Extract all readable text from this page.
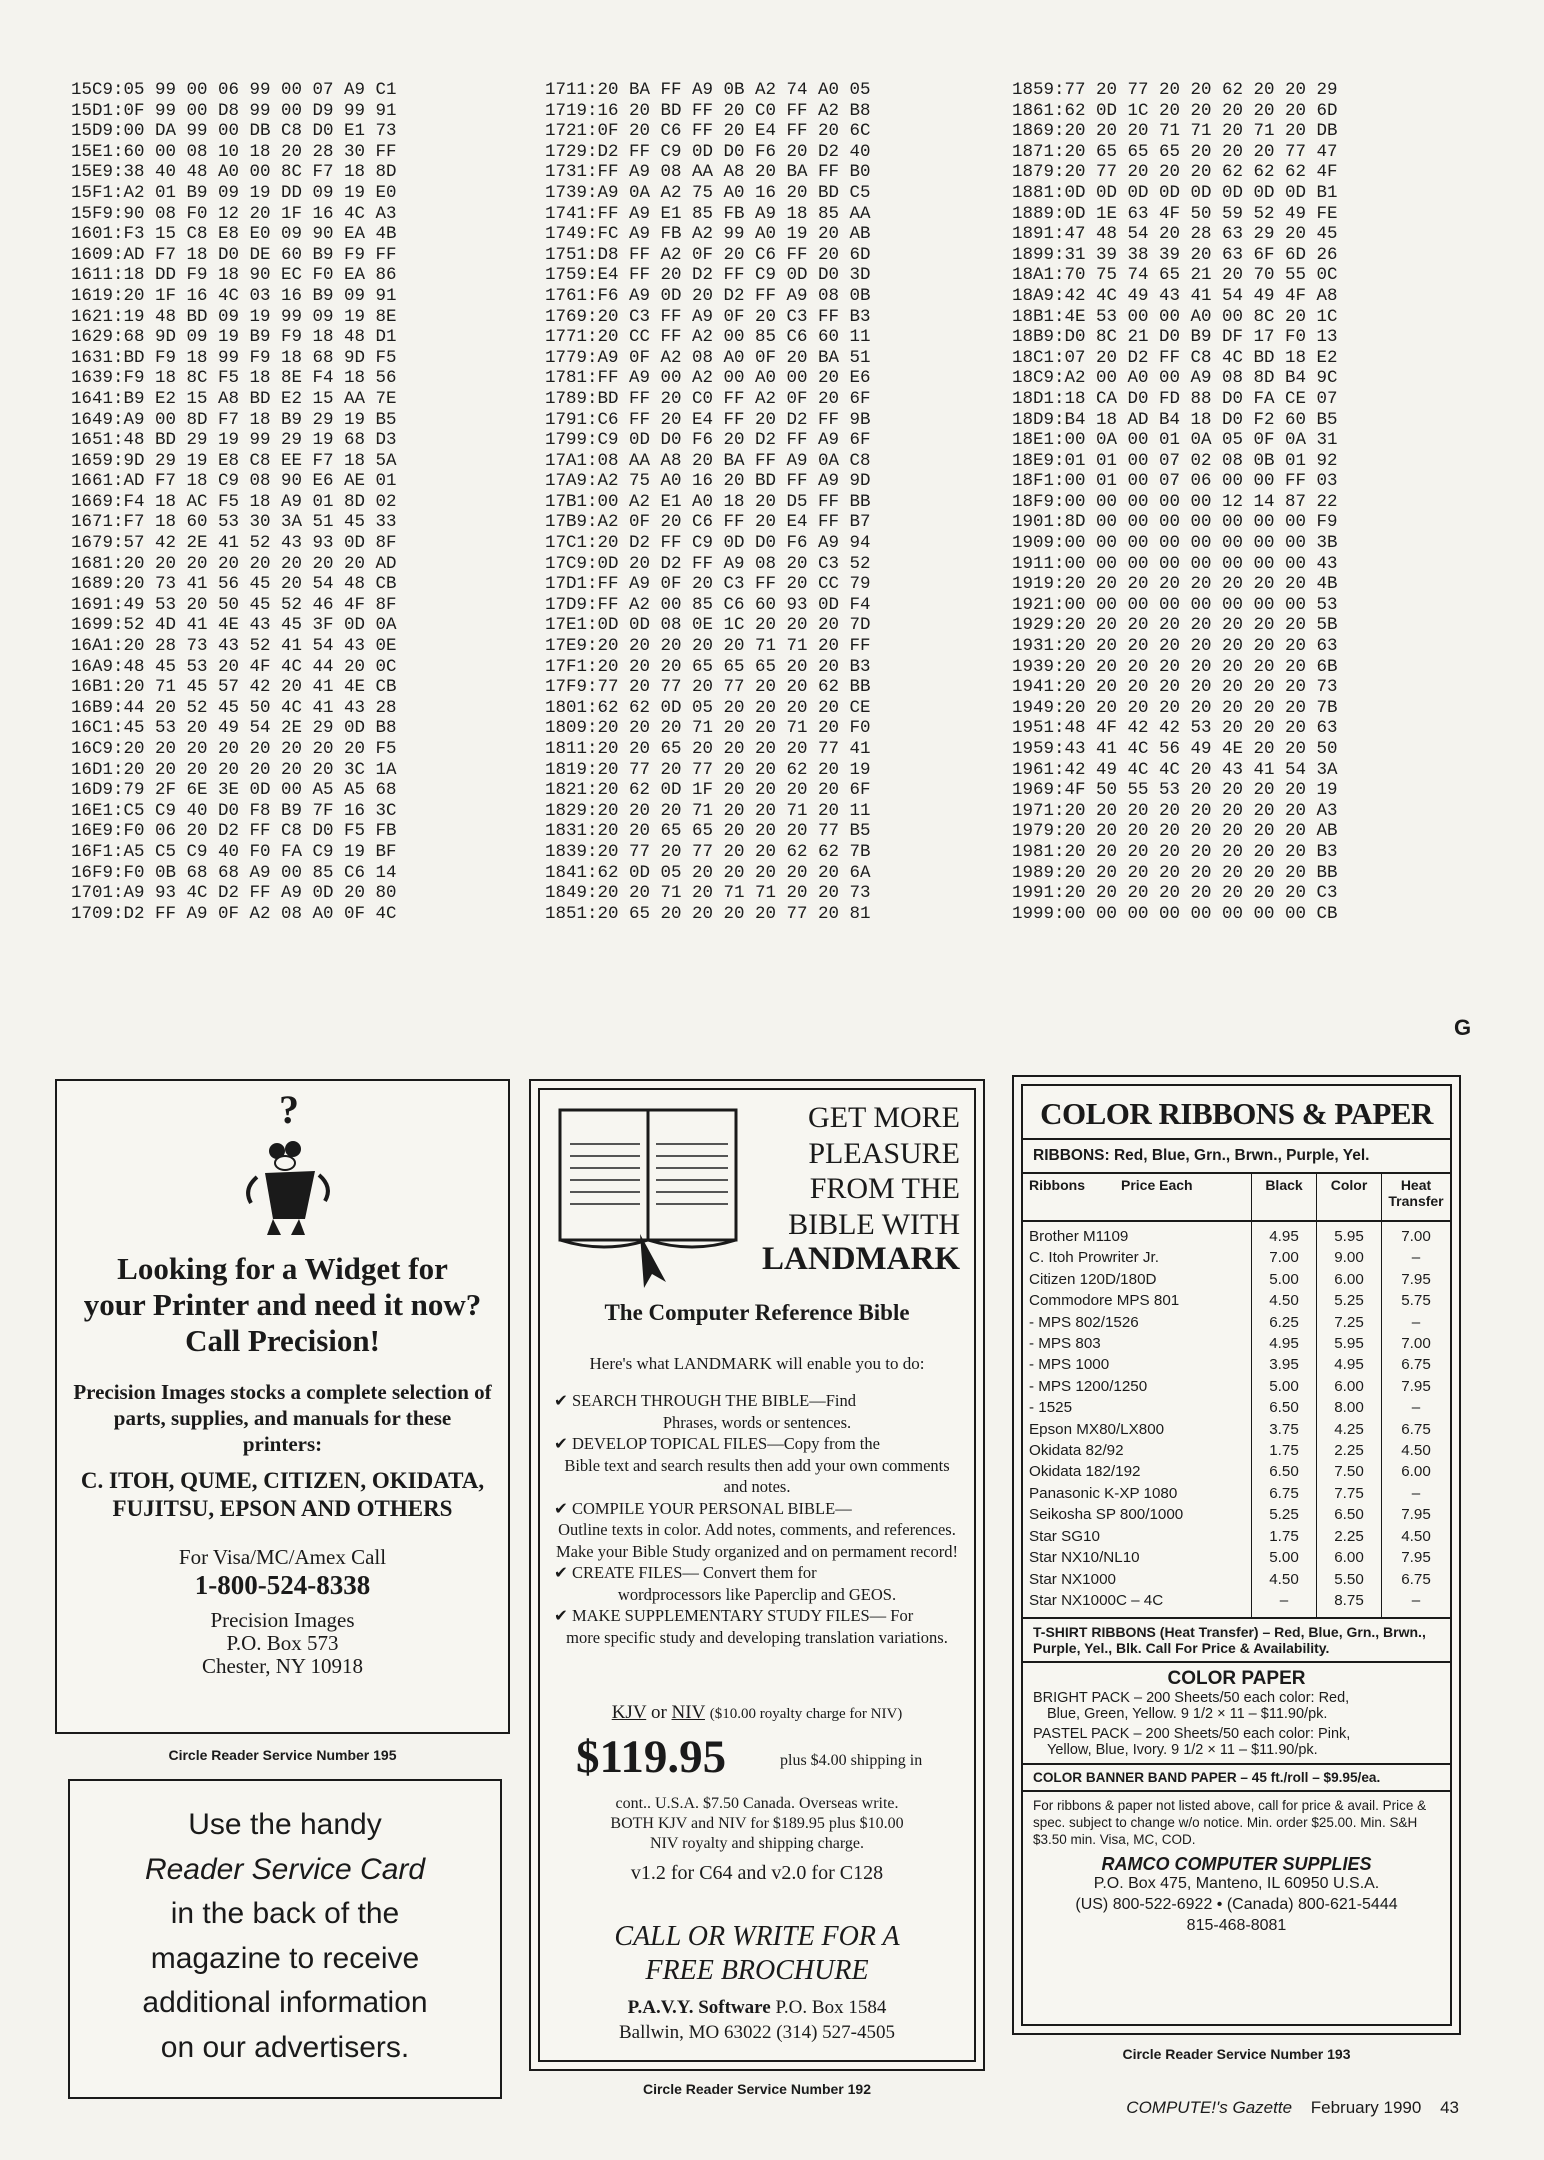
15C9:05 99 00 06 99 00 07 A9 C1
15D1:0F 99 00 D8 99 00 D9 99 91
15D9:00 DA 99 00 DB C8 D0 E1 73
15E1:60 00 08 10 18 20 28 30 FF
15E9:38 40 48 A0 00 8C F7 18 8D
15F1:A2 01 B9 09 19 DD 09 19 E0
15F9:90 08 F0 12 20 1F 16 4C A3
1601:F3 15 C8 E8 E0 09 90 EA 4B
1609:AD F7 18 D0 DE 60 B9 F9 FF
1611:18 DD F9 18 90 EC F0 EA 86
1619:20 1F 16 4C 03 16 B9 09 91
1621:19 48 BD 09 19 99 09 19 8E
1629:68 9D 09 19 B9 F9 18 48 D1
1631:BD F9 18 99 F9 18 68 9D F5
1639:F9 18 8C F5 18 8E F4 18 56
1641:B9 E2 15 A8 BD E2 15 AA 7E
1649:A9 00 8D F7 18 B9 29 19 B5
1651:48 BD 29 19 99 29 19 68 D3
1659:9D 29 19 E8 C8 EE F7 18 5A
1661:AD F7 18 C9 08 90 E6 AE 01
1669:F4 18 AC F5 18 A9 01 8D 02
1671:F7 18 60 53 30 3A 51 45 33
1679:57 42 2E 41 52 43 93 0D 8F
1681:20 20 20 20 20 20 20 20 AD
1689:20 73 41 56 45 20 54 48 CB
1691:49 53 20 50 45 52 46 4F 8F
1699:52 4D 41 4E 43 45 3F 0D 0A
16A1:20 28 73 43 52 41 54 43 0E
16A9:48 45 53 20 4F 4C 44 20 0C
16B1:20 71 45 57 42 20 41 4E CB
16B9:44 20 52 45 50 4C 41 43 28
16C1:45 53 20 49 54 2E 29 0D B8
16C9:20 20 20 20 20 20 20 20 F5
16D1:20 20 20 20 20 20 20 3C 1A
16D9:79 2F 6E 3E 0D 00 A5 A5 68
16E1:C5 C9 40 D0 F8 B9 7F 16 3C
16E9:F0 06 20 D2 FF C8 D0 F5 FB
16F1:A5 C5 C9 40 F0 FA C9 19 BF
16F9:F0 0B 68 68 A9 00 85 C6 14
1701:A9 93 4C D2 FF A9 0D 20 80
1709:D2 FF A9 0F A2 08 A0 0F 4C
1711:20 BA FF A9 0B A2 74 A0 05
1719:16 20 BD FF 20 C0 FF A2 B8
1721:0F 20 C6 FF 20 E4 FF 20 6C
1729:D2 FF C9 0D D0 F6 20 D2 40
1731:FF A9 08 AA A8 20 BA FF B0
1739:A9 0A A2 75 A0 16 20 BD C5
1741:FF A9 E1 85 FB A9 18 85 AA
1749:FC A9 FB A2 99 A0 19 20 AB
1751:D8 FF A2 0F 20 C6 FF 20 6D
1759:E4 FF 20 D2 FF C9 0D D0 3D
1761:F6 A9 0D 20 D2 FF A9 08 0B
1769:20 C3 FF A9 0F 20 C3 FF B3
1771:20 CC FF A2 00 85 C6 60 11
1779:A9 0F A2 08 A0 0F 20 BA 51
1781:FF A9 00 A2 00 A0 00 20 E6
1789:BD FF 20 C0 FF A2 0F 20 6F
1791:C6 FF 20 E4 FF 20 D2 FF 9B
1799:C9 0D D0 F6 20 D2 FF A9 6F
17A1:08 AA A8 20 BA FF A9 0A C8
17A9:A2 75 A0 16 20 BD FF A9 9D
17B1:00 A2 E1 A0 18 20 D5 FF BB
17B9:A2 0F 20 C6 FF 20 E4 FF B7
17C1:20 D2 FF C9 0D D0 F6 A9 94
17C9:0D 20 D2 FF A9 08 20 C3 52
17D1:FF A9 0F 20 C3 FF 20 CC 79
17D9:FF A2 00 85 C6 60 93 0D F4
17E1:0D 0D 08 0E 1C 20 20 20 7D
17E9:20 20 20 20 20 71 71 20 FF
17F1:20 20 20 65 65 65 20 20 B3
17F9:77 20 77 20 77 20 20 62 BB
1801:62 62 0D 05 20 20 20 20 CE
1809:20 20 20 71 20 20 71 20 F0
1811:20 20 65 20 20 20 20 77 41
1819:20 77 20 77 20 20 62 20 19
1821:20 62 0D 1F 20 20 20 20 6F
1829:20 20 20 71 20 20 71 20 11
1831:20 20 65 65 20 20 20 77 B5
1839:20 77 20 77 20 20 62 62 7B
1841:62 0D 05 20 20 20 20 20 6A
1849:20 20 71 20 71 71 20 20 73
1851:20 65 20 20 20 20 77 20 81
1859:77 20 77 20 20 62 20 20 29
1861:62 0D 1C 20 20 20 20 20 6D
1869:20 20 20 71 71 20 71 20 DB
1871:20 65 65 65 20 20 20 77 47
1879:20 77 20 20 20 62 62 62 4F
1881:0D 0D 0D 0D 0D 0D 0D 0D B1
1889:0D 1E 63 4F 50 59 52 49 FE
1891:47 48 54 20 28 63 29 20 45
1899:31 39 38 39 20 63 6F 6D 26
18A1:70 75 74 65 21 20 70 55 0C
18A9:42 4C 49 43 41 54 49 4F A8
18B1:4E 53 00 00 A0 00 8C 20 1C
18B9:D0 8C 21 D0 B9 DF 17 F0 13
18C1:07 20 D2 FF C8 4C BD 18 E2
18C9:A2 00 A0 00 A9 08 8D B4 9C
18D1:18 CA D0 FD 88 D0 FA CE 07
18D9:B4 18 AD B4 18 D0 F2 60 B5
18E1:00 0A 00 01 0A 05 0F 0A 31
18E9:01 01 00 07 02 08 0B 01 92
18F1:00 01 00 07 06 00 00 FF 03
18F9:00 00 00 00 00 12 14 87 22
1901:8D 00 00 00 00 00 00 00 F9
1909:00 00 00 00 00 00 00 00 3B
1911:00 00 00 00 00 00 00 00 43
1919:20 20 20 20 20 20 20 20 4B
1921:00 00 00 00 00 00 00 00 53
1929:20 20 20 20 20 20 20 20 5B
1931:20 20 20 20 20 20 20 20 63
1939:20 20 20 20 20 20 20 20 6B
1941:20 20 20 20 20 20 20 20 73
1949:20 20 20 20 20 20 20 20 7B
1951:48 4F 42 42 53 20 20 20 63
1959:43 41 4C 56 49 4E 20 20 50
1961:42 49 4C 4C 20 43 41 54 3A
1969:4F 50 55 53 20 20 20 20 19
1971:20 20 20 20 20 20 20 20 A3
1979:20 20 20 20 20 20 20 20 AB
1981:20 20 20 20 20 20 20 20 B3
1989:20 20 20 20 20 20 20 20 BB
1991:20 20 20 20 20 20 20 20 C3
1999:00 00 00 00 00 00 00 00 CB
G
?
Looking for a Widget for your Printer and need it now? Call Precision!
Precision Images stocks a complete selection of parts, supplies, and manuals for these printers:
C. ITOH, QUME, CITIZEN, OKIDATA, FUJITSU, EPSON AND OTHERS
For Visa/MC/Amex Call
1-800-524-8338
Precision Images
P.O. Box 573
Chester, NY 10918
Circle Reader Service Number 195
Use the handy
Reader Service Card
in the back of the
magazine to receive
additional information
on our advertisers.
GET MORE
PLEASURE
FROM THE
BIBLE WITH
LANDMARK
The Computer Reference Bible
Here's what LANDMARK will enable you to do:
✔ SEARCH THROUGH THE BIBLE—Find
Phrases, words or sentences.
✔ DEVELOP TOPICAL FILES—Copy from the
Bible text and search results then add your own comments and notes.
✔ COMPILE YOUR PERSONAL BIBLE—
Outline texts in color. Add notes, comments, and references. Make your Bible Study organized and on permament record!
✔ CREATE FILES— Convert them for
wordprocessors like Paperclip and GEOS.
✔ MAKE SUPPLEMENTARY STUDY FILES— For
more specific study and developing translation variations.
KJV or NIV ($10.00 royalty charge for NIV)
$119.95	plus $4.00 shipping in
cont.. U.S.A. $7.50 Canada. Overseas write.
BOTH KJV and NIV for $189.95 plus $10.00
NIV royalty and shipping charge.
v1.2 for C64 and v2.0 for C128
CALL OR WRITE FOR A
FREE BROCHURE
P.A.V.Y. Software P.O. Box 1584
Ballwin, MO 63022 (314) 527-4505
Circle Reader Service Number 192
COLOR RIBBONS & PAPER
RIBBONS: Red, Blue, Grn., Brwn., Purple, Yel.
Ribbons Price Each	Black	Color	Heat Transfer
Brother M1109	4.95	5.95	7.00
C. Itoh Prowriter Jr.	7.00	9.00	–
Citizen 120D/180D	5.00	6.00	7.95
Commodore MPS 801	4.50	5.25	5.75
- MPS 802/1526	6.25	7.25	–
- MPS 803	4.95	5.95	7.00
- MPS 1000	3.95	4.95	6.75
- MPS 1200/1250	5.00	6.00	7.95
- 1525	6.50	8.00	–
Epson MX80/LX800	3.75	4.25	6.75
Okidata 82/92	1.75	2.25	4.50
Okidata 182/192	6.50	7.50	6.00
Panasonic K-XP 1080	6.75	7.75	–
Seikosha SP 800/1000	5.25	6.50	7.95
Star SG10	1.75	2.25	4.50
Star NX10/NL10	5.00	6.00	7.95
Star NX1000	4.50	5.50	6.75
Star NX1000C – 4C	–	8.75	–
T-SHIRT RIBBONS (Heat Transfer) – Red, Blue, Grn., Brwn., Purple, Yel., Blk. Call For Price & Availability.
COLOR PAPER
BRIGHT PACK – 200 Sheets/50 each color: Red,
Blue, Green, Yellow. 9 1/2 × 11 – $11.90/pk.
PASTEL PACK – 200 Sheets/50 each color: Pink,
Yellow, Blue, Ivory. 9 1/2 × 11 – $11.90/pk.
COLOR BANNER BAND PAPER – 45 ft./roll – $9.95/ea.
For ribbons & paper not listed above, call for price & avail. Price & spec. subject to change w/o notice. Min. order $25.00. Min. S&H $3.50 min. Visa, MC, COD.
RAMCO COMPUTER SUPPLIES
P.O. Box 475, Manteno, IL 60950 U.S.A.
(US) 800-522-6922 • (Canada) 800-621-5444
815-468-8081
Circle Reader Service Number 193
COMPUTE!'s Gazette February 1990 43
